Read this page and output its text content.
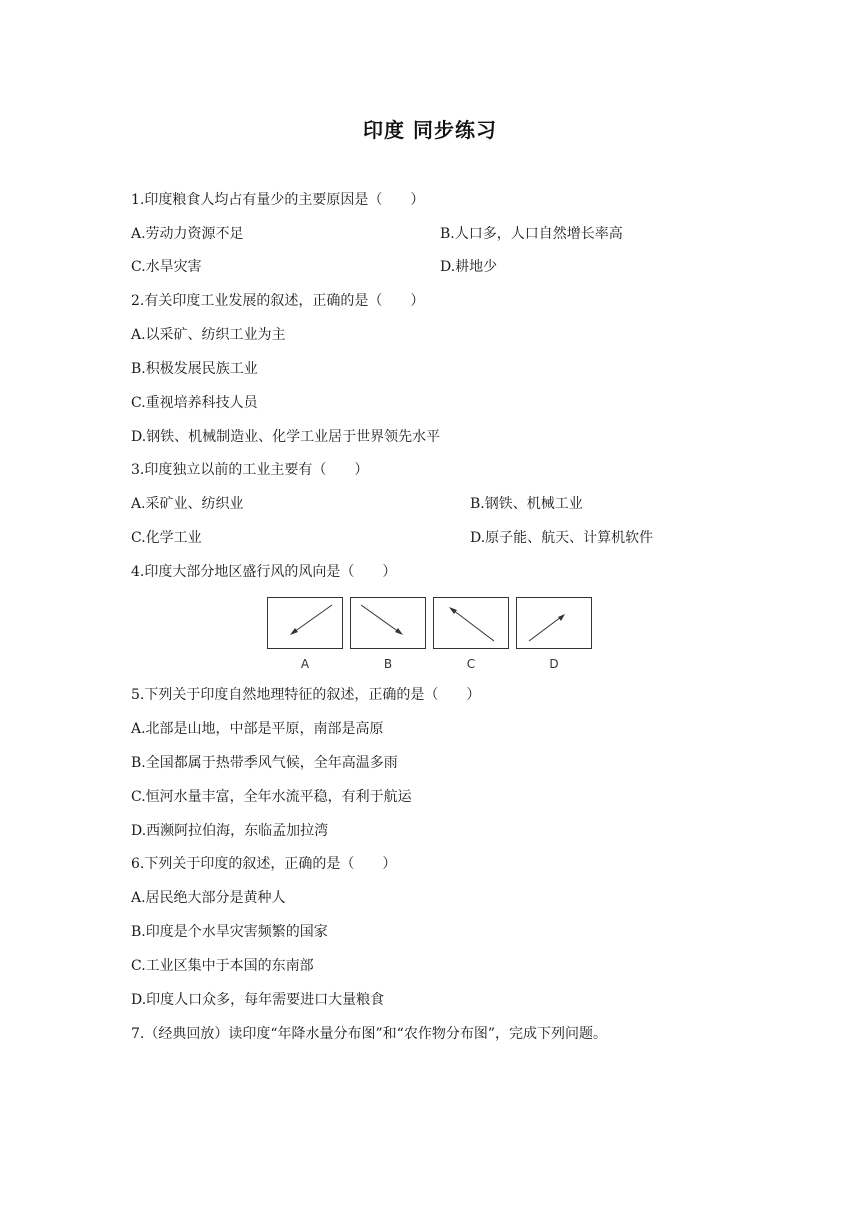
印度 同步练习
1.印度粮食人均占有量少的主要原因是（　　）
A.劳动力资源不足	B.人口多，人口自然增长率高
C.水旱灾害	D.耕地少
2.有关印度工业发展的叙述，正确的是（　　）
A.以采矿、纺织工业为主
B.积极发展民族工业
C.重视培养科技人员
D.钢铁、机械制造业、化学工业居于世界领先水平
3.印度独立以前的工业主要有（　　）
A.采矿业、纺织业	B.钢铁、机械工业
C.化学工业	D.原子能、航天、计算机软件
4.印度大部分地区盛行风的风向是（　　）
A	B	C	D
5.下列关于印度自然地理特征的叙述，正确的是（　　）
A.北部是山地，中部是平原，南部是高原
B.全国都属于热带季风气候，全年高温多雨
C.恒河水量丰富，全年水流平稳，有利于航运
D.西濒阿拉伯海，东临孟加拉湾
6.下列关于印度的叙述，正确的是（　　）
A.居民绝大部分是黄种人
B.印度是个水旱灾害频繁的国家
C.工业区集中于本国的东南部
D.印度人口众多，每年需要进口大量粮食
7.（经典回放）读印度“年降水量分布图”和“农作物分布图”，完成下列问题。
